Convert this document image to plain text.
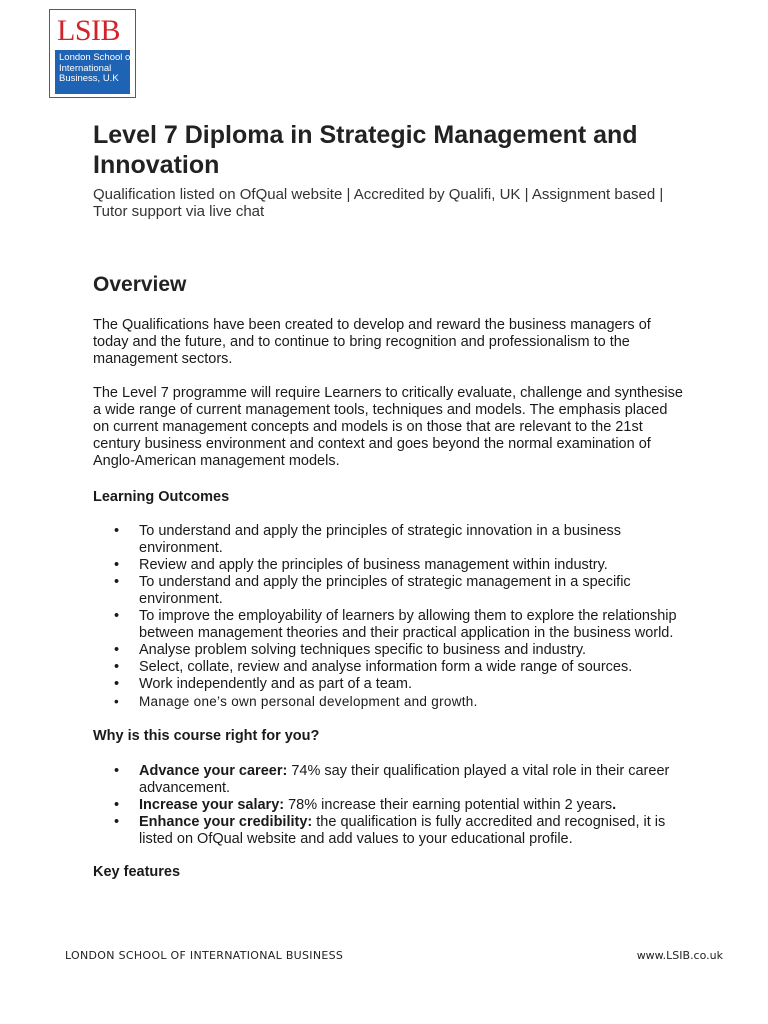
LSIB
London School of
International
Business, U.K
Level 7 Diploma in Strategic Management and Innovation

Qualification listed on OfQual website | Accredited by Qualifi, UK | Assignment based | Tutor support via live chat

Overview

The Qualifications have been created to develop and reward the business managers of today and the future, and to continue to bring recognition and professionalism to the management sectors.

The Level 7 programme will require Learners to critically evaluate, challenge and synthesise a wide range of current management tools, techniques and models. The emphasis placed on current management concepts and models is on those that are relevant to the 21st century business environment and context and goes beyond the normal examination of Anglo-American management models.

Learning Outcomes
• To understand and apply the principles of strategic innovation in a business environment.
• Review and apply the principles of business management within industry.
• To understand and apply the principles of strategic management in a specific environment.
• To improve the employability of learners by allowing them to explore the relationship
between management theories and their practical application in the business world.
• Analyse problem solving techniques specific to business and industry.
• Select, collate, review and analyse information form a wide range of sources.
• Work independently and as part of a team.
• Manage one’s own personal development and growth.
Why is this course right for you?
• Advance your career: 74% say their qualification played a vital role in their career advancement.
• Increase your salary: 78% increase their earning potential within 2 years.
• Enhance your credibility: the qualification is fully accredited and recognised, it is listed on OfQual website and add values to your educational profile.
Key features
LONDON SCHOOL OF INTERNATIONAL BUSINESS	www.LSIB.co.uk
